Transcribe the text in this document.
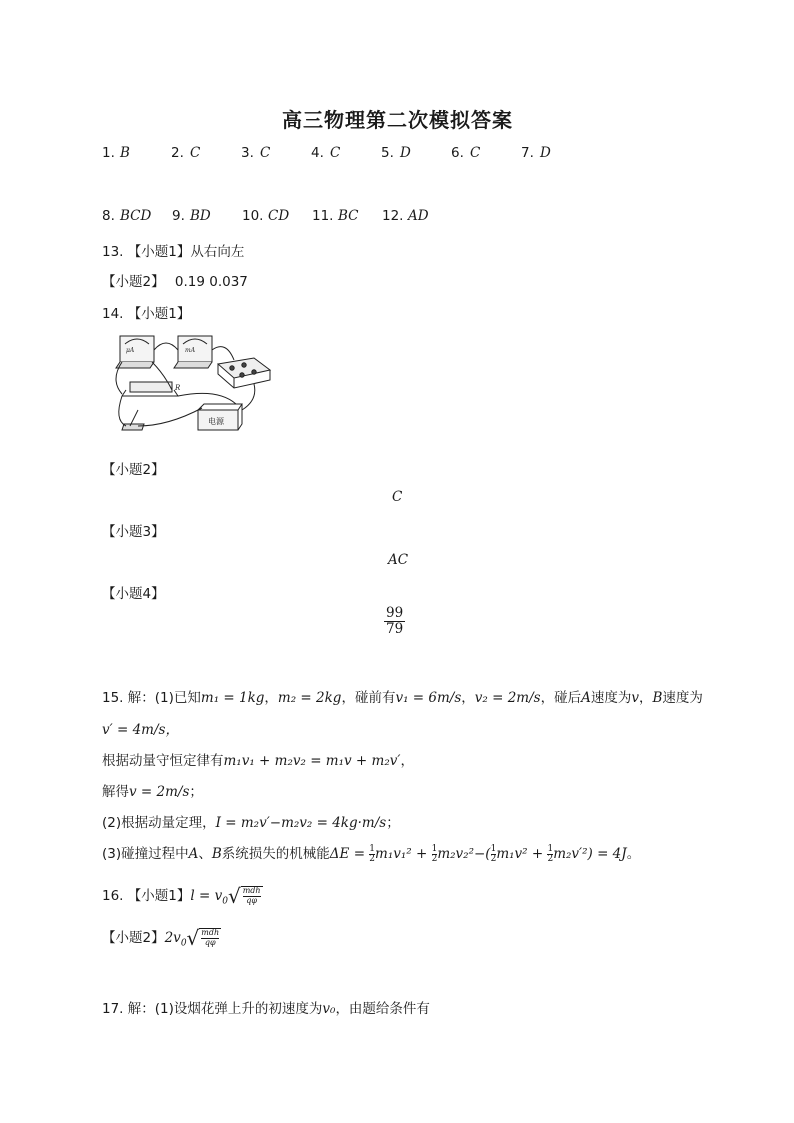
高三物理第二次模拟答案
1. B	2. C	3. C	4. C	5. D	6. C	7. D
8. BCD 9. BD 10. CD 11. BC 12. AD
13. 【小题1】从右向左
【小题2】 0.19 0.037
14. 【小题1】
μA	mA
R
电源
【小题2】
C
【小题3】
AC
【小题4】
$\frac{99}{79}$
15. 解：(1)已知m₁ = 1kg，m₂ = 2kg，碰前有v₁ = 6m/s，v₂ = 2m/s，碰后A速度为v，B速度为
v′ = 4m/s，
根据动量守恒定律有m₁v₁ + m₂v₂ = m₁v + m₂v′，
解得v = 2m/s；
(2)根据动量定理，I = m₂v′−m₂v₂ = 4kg·m/s；
(3)碰撞过程中A、B系统损失的机械能$\Delta E = \frac{1}{2} m_1v_1^2 + \frac{1}{2} m_2v_2^2-( \frac{1}{2} m_1v^2 + \frac{1}{2} m_2v'^2) = 4J$。
16. 【小题1】$l = v_0√$ mdh
qφ
【小题2】$2v_0√$ mdh
qφ
17. 解：(1)设烟花弹上升的初速度为v₀，由题给条件有
